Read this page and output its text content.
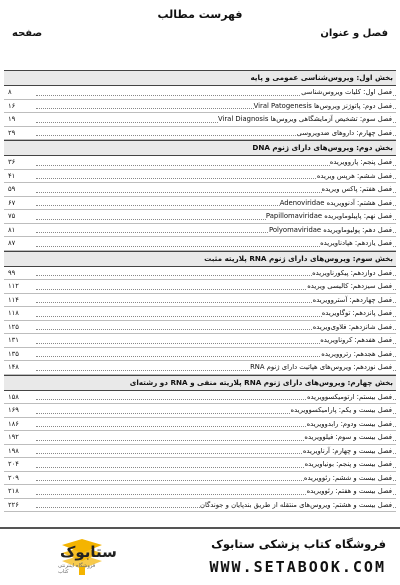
فهرست مطالب
فصل و عنوان
صفحه
بخش اول: ویروس‌شناسی عمومی و پایه
فصل اول: کلیات ویروس‌شناسی
۸
فصل دوم: پاتوژنز ویروس‌ها Viral Patogenesis
۱۶
فصل سوم: تشخیص آزمایشگاهی ویروس‌ها Viral Diagnosis
۱۹
فصل چهارم: داروهای ضدویروسی
۲۹
بخش دوم: ویروس‌های دارای ژنوم DNA
فصل پنجم: پاروویریده
۳۶
فصل ششم: هرپس ویریده
۴۱
فصل هفتم: پاکس ویریده
۵۹
فصل هشتم: آدنوویریده Adenoviridae
۶۷
فصل نهم: پاپیلوماویریده Papillomaviridae
۷۵
فصل دهم: پولیوماویریده Polyomaviridae
۸۱
فصل یازدهم: هپادناویریده
۸۷
بخش سوم: ویروس‌های دارای ژنوم RNA پلاریته مثبت
فصل دوازدهم: پیکورناویریده
۹۹
فصل سیزدهم: کالیسی ویریده
۱۱۲
فصل چهاردهم: آستروویریده
۱۱۴
فصل پانزدهم: توگاویریده
۱۱۸
فصل شانزدهم: فلاوی‌ویریده
۱۲۵
فصل هفدهم: کروناویریده
۱۳۱
فصل هجدهم: رتروویریده
۱۳۵
فصل نوزدهم: ویروس‌های هپاتیت دارای ژنوم RNA
۱۴۸
بخش چهارم: ویروس‌های دارای ژنوم RNA پلاریته منفی و RNA دو رشته‌ای
فصل بیستم: ارتومیکسوویریده
۱۵۸
فصل بیست و یکم: پارامیکسوویریده
۱۶۹
فصل بیست ودوم: رابدوویریده
۱۸۶
فصل بیست و سوم: فیلوویریده
۱۹۲
فصل بیست و چهارم: آرناویریده
۱۹۸
فصل بیست و پنجم: بونیاویریده
۲۰۴
فصل بیست و ششم: رئوویریده
۲۰۹
فصل بیست و هفتم: رئوویریده
۲۱۸
فصل بیست و هشتم: ویروس‌های منتقله از طریق بندپایان و جوندگان
۲۲۶
ستابوک
فروشگاه اینترنتی کتاب
فروشگاه کتاب پزشکی ستابوک
WWW.SETABOOK.COM
